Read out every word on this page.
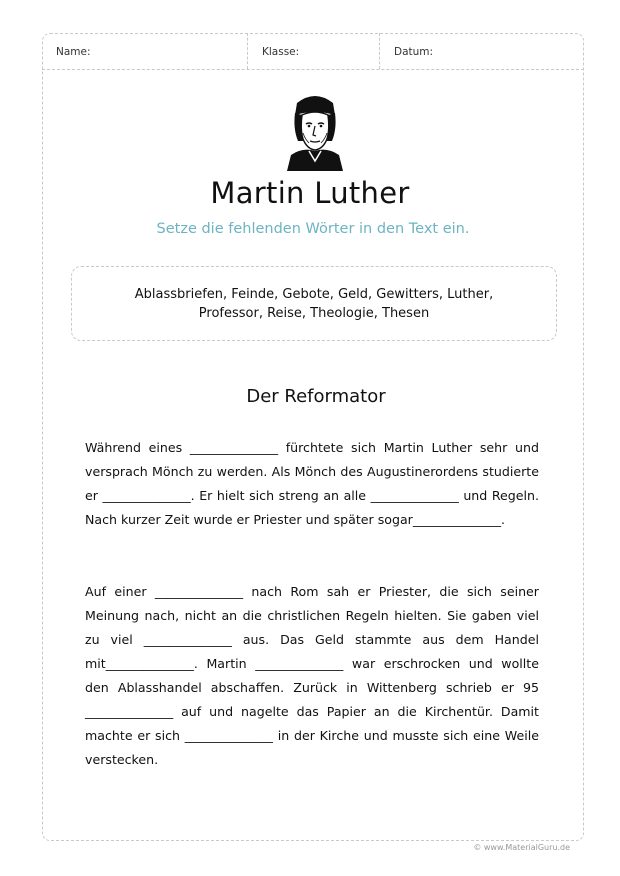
Name:	Klasse:	Datum:
Martin Luther
Setze die fehlenden Wörter in den Text ein.
Ablassbriefen, Feinde, Gebote, Geld, Gewitters, Luther, Professor, Reise, Theologie, Thesen
Der Reformator

Während eines ______________ fürchtete sich Martin Luther sehr und versprach Mönch zu werden. Als Mönch des Augustinerordens studierte er ______________. Er hielt sich streng an alle ______________ und Regeln. Nach kurzer Zeit wurde er Priester und später sogar______________.

Auf einer ______________ nach Rom sah er Priester, die sich seiner Meinung nach, nicht an die christlichen Regeln hielten. Sie gaben viel zu viel ______________ aus. Das Geld stammte aus dem Handel mit______________. Martin ______________ war erschrocken und wollte den Ablasshandel abschaffen. Zurück in Wittenberg schrieb er 95 ______________ auf und nagelte das Papier an die Kirchentür. Damit machte er sich ______________ in der Kirche und musste sich eine Weile verstecken.

© www.MaterialGuru.de
